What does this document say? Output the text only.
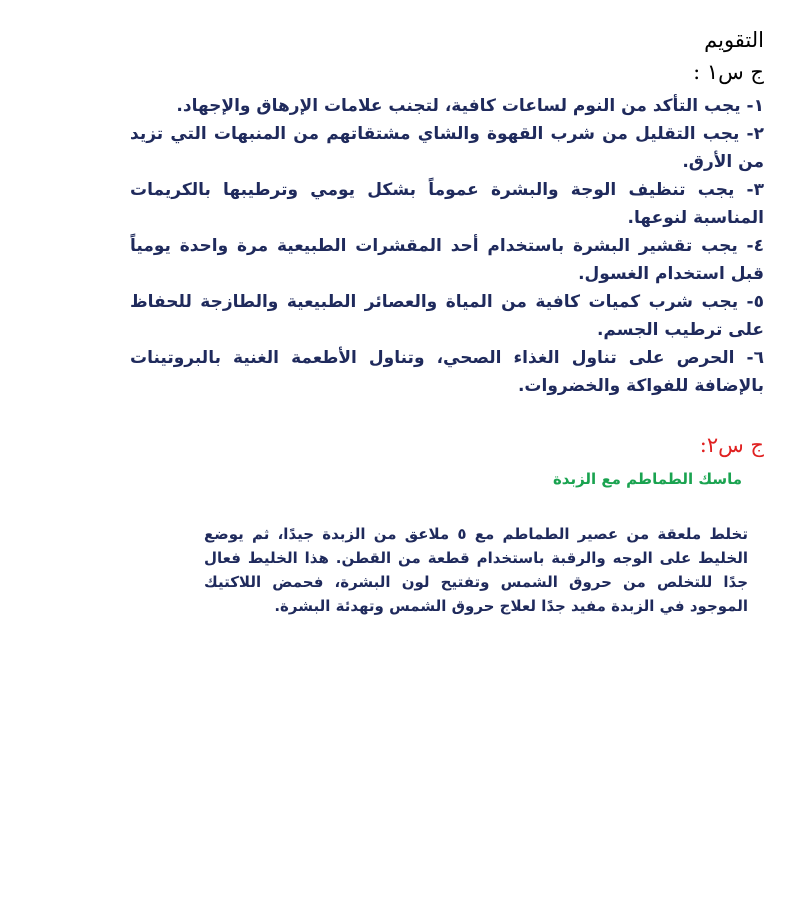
التقويم
ج س١ :
١- يجب التأكد من النوم لساعات كافية، لتجنب علامات الإرهاق والإجهاد.
٢- يجب التقليل من شرب القهوة والشاي مشتقاتهم من المنبهات التي تزيد من الأرق.
٣- يجب تنظيف الوجة والبشرة عموماً بشكل يومي وترطيبها بالكريمات المناسبة لنوعها.
٤- يجب تقشير البشرة باستخدام أحد المقشرات الطبيعية مرة واحدة يومياً قبل استخدام الغسول.
٥- يجب شرب كميات كافية من المياة والعصائر الطبيعية والطازجة للحفاظ على ترطيب الجسم.
٦- الحرص على تناول الغذاء الصحي، وتناول الأطعمة الغنية بالبروتينات بالإضافة للفواكة والخضروات.
ج س٢:
ماسك الطماطم مع الزبدة

تخلط ملعقة من عصير الطماطم مع ٥ ملاعق من الزبدة جيدًا، ثم يوضع الخليط على الوجه والرقبة باستخدام قطعة من القطن. هذا الخليط فعال جدًا للتخلص من حروق الشمس وتفتيح لون البشرة، فحمض اللاكتيك الموجود في الزبدة مفيد جدًا لعلاج حروق الشمس وتهدئة البشرة.
